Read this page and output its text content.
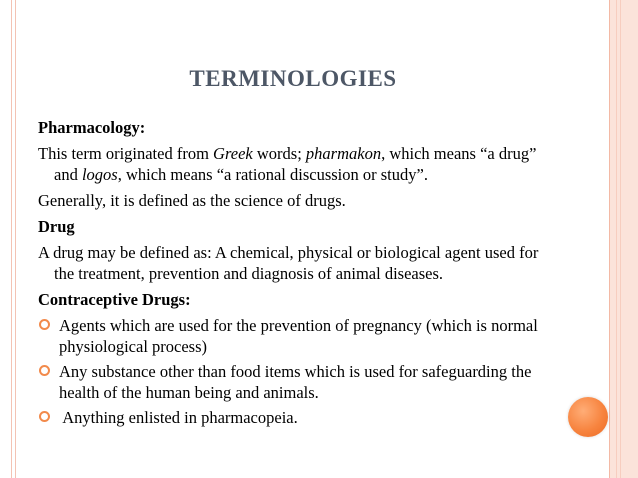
TERMINOLOGIES
Pharmacology:
This term originated from Greek words; pharmakon, which means “a drug” and logos, which means “a rational discussion or study”.
Generally, it is defined as the science of drugs.
Drug
A drug may be defined as: A chemical, physical or biological agent used for the treatment, prevention and diagnosis of animal diseases.
Contraceptive Drugs:
Agents which are used for the prevention of pregnancy (which is normal physiological process)
Any substance other than food items which is used for safeguarding the health of the human being and animals.
Anything enlisted in pharmacopeia.
